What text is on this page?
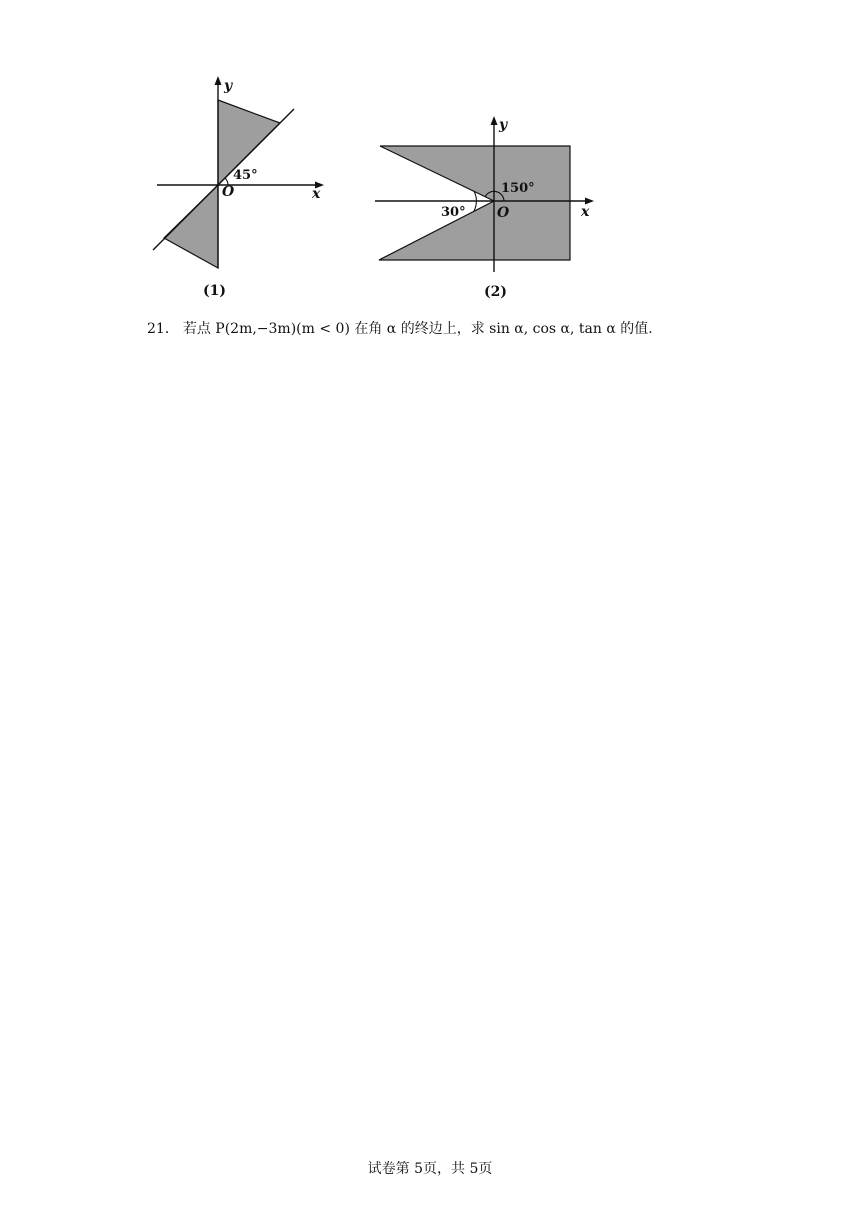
45°
O	x
y
(1)
150°
30° O	x
y
(2)
21． 若点 P(2m,−3m)(m < 0) 在角 α 的终边上，求 sin α, cos α, tan α 的值.
试卷第 5页，共 5页
